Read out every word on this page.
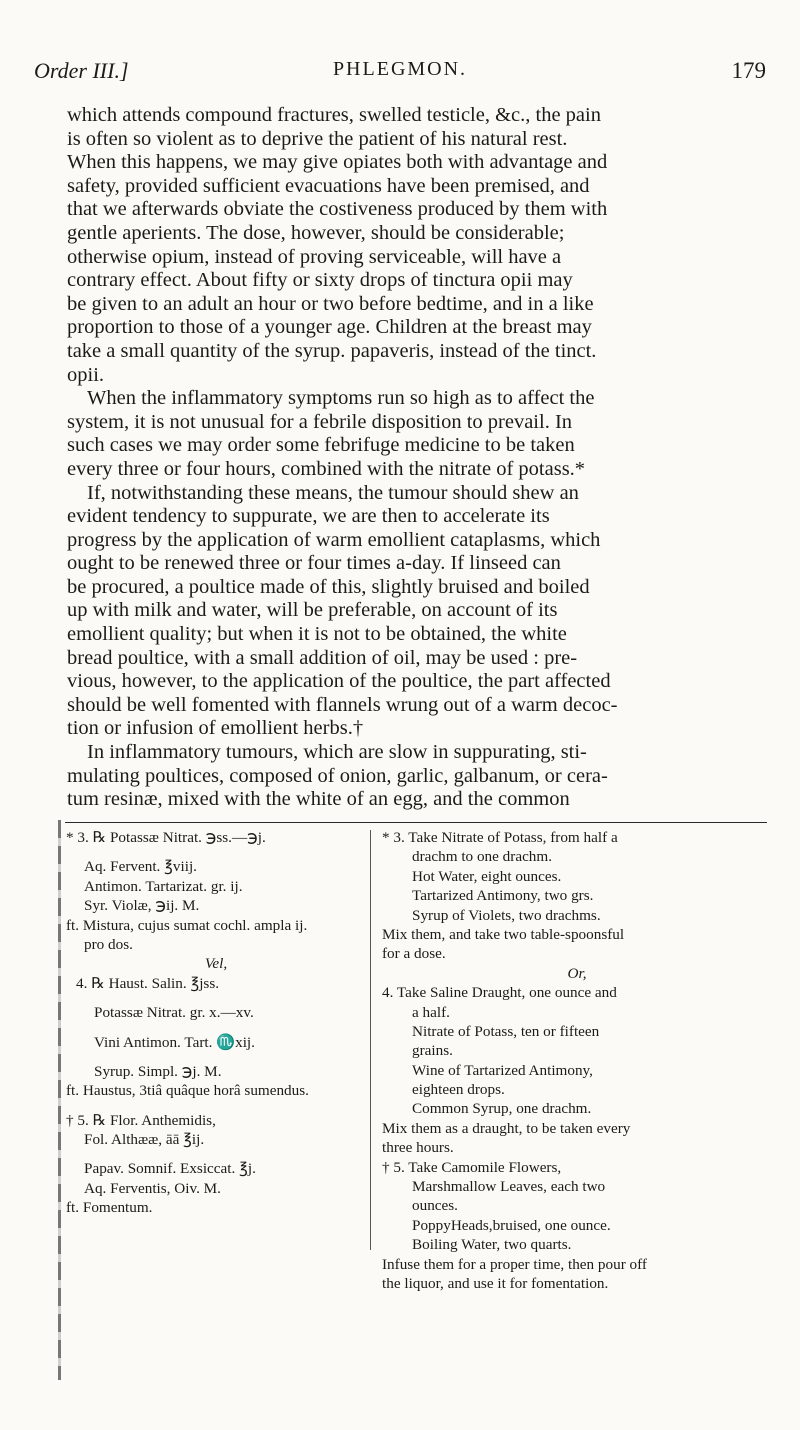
Order III.]	PHLEGMON.	179
which attends compound fractures, swelled testicle, &c., the pain
is often so violent as to deprive the patient of his natural rest.
When this happens, we may give opiates both with advantage and
safety, provided sufficient evacuations have been premised, and
that we afterwards obviate the costiveness produced by them with
gentle aperients. The dose, however, should be considerable;
otherwise opium, instead of proving serviceable, will have a
contrary effect. About fifty or sixty drops of tinctura opii may
be given to an adult an hour or two before bedtime, and in a like
proportion to those of a younger age. Children at the breast may
take a small quantity of the syrup. papaveris, instead of the tinct.
opii.
When the inflammatory symptoms run so high as to affect the
system, it is not unusual for a febrile disposition to prevail. In
such cases we may order some febrifuge medicine to be taken
every three or four hours, combined with the nitrate of potass.*
If, notwithstanding these means, the tumour should shew an
evident tendency to suppurate, we are then to accelerate its
progress by the application of warm emollient cataplasms, which
ought to be renewed three or four times a-day. If linseed can
be procured, a poultice made of this, slightly bruised and boiled
up with milk and water, will be preferable, on account of its
emollient quality; but when it is not to be obtained, the white
bread poultice, with a small addition of oil, may be used : pre-
vious, however, to the application of the poultice, the part affected
should be well fomented with flannels wrung out of a warm decoc-
tion or infusion of emollient herbs.†
In inflammatory tumours, which are slow in suppurating, sti-
mulating poultices, composed of onion, garlic, galbanum, or cera-
tum resinæ, mixed with the white of an egg, and the common
* 3. ℞ Potassæ Nitrat. ℈ss.—℈j.
Aq. Fervent. ℥viij.
Antimon. Tartarizat. gr. ij.
Syr. Violæ, ℈ij. M.
ft. Mistura, cujus sumat cochl. ampla ij.
pro dos.
Vel,
4. ℞ Haust. Salin. ℥jss.
Potassæ Nitrat. gr. x.—xv.
Vini Antimon. Tart. ♏xij.
Syrup. Simpl. ℈j. M.
ft. Haustus, 3tiâ quâque horâ sumendus.
† 5. ℞ Flor. Anthemidis,
Fol. Althææ, āā ℥ij.
Papav. Somnif. Exsiccat. ℥j.
Aq. Ferventis, Oiv. M.
ft. Fomentum.
* 3. Take Nitrate of Potass, from half a
drachm to one drachm.
Hot Water, eight ounces.
Tartarized Antimony, two grs.
Syrup of Violets, two drachms.
Mix them, and take two table-spoonsful
for a dose.
Or,
4. Take Saline Draught, one ounce and
a half.
Nitrate of Potass, ten or fifteen
grains.
Wine of Tartarized Antimony,
eighteen drops.
Common Syrup, one drachm.
Mix them as a draught, to be taken every
three hours.
† 5. Take Camomile Flowers,
Marshmallow Leaves, each two
ounces.
PoppyHeads,bruised, one ounce.
Boiling Water, two quarts.
Infuse them for a proper time, then pour off
the liquor, and use it for fomentation.
